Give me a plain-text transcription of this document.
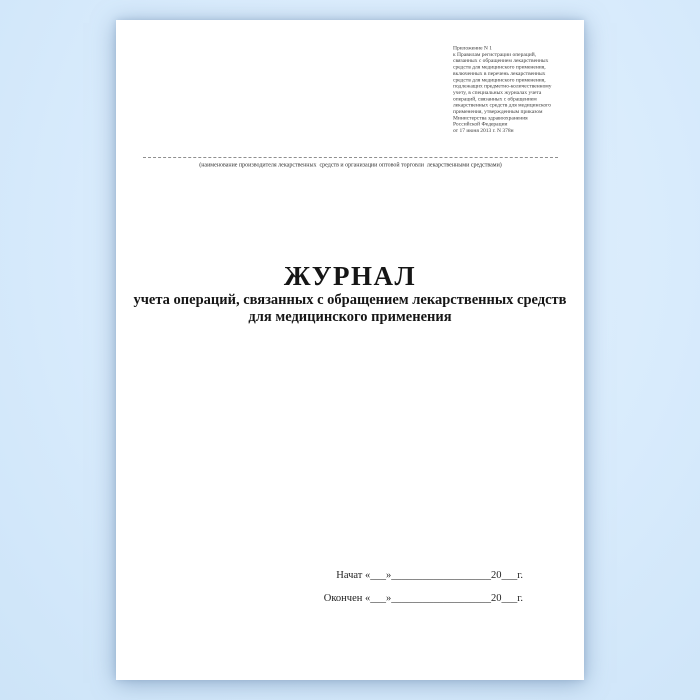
Приложение N 1
к Правилам регистрации операций,
связанных с обращением лекарственных
средств для медицинского применения,
включенных в перечень лекарственных
средств для медицинского применения,
подлежащих предметно-количественному
учету, в специальных журналах учета
операций, связанных с обращением
лекарственных средств для медицинского
применения, утвержденным приказом
Министерства здравоохранения
Российской Федерации
от 17 июня 2013 г. N 378н
(наименование производителя лекарственных  средств и организации оптовой торговли  лекарственными средствами)
ЖУРНАЛ
учета операций, связанных с обращением лекарственных средств
для медицинского применения
Начат «___»___________________20___г.
Окончен «___»___________________20___г.
